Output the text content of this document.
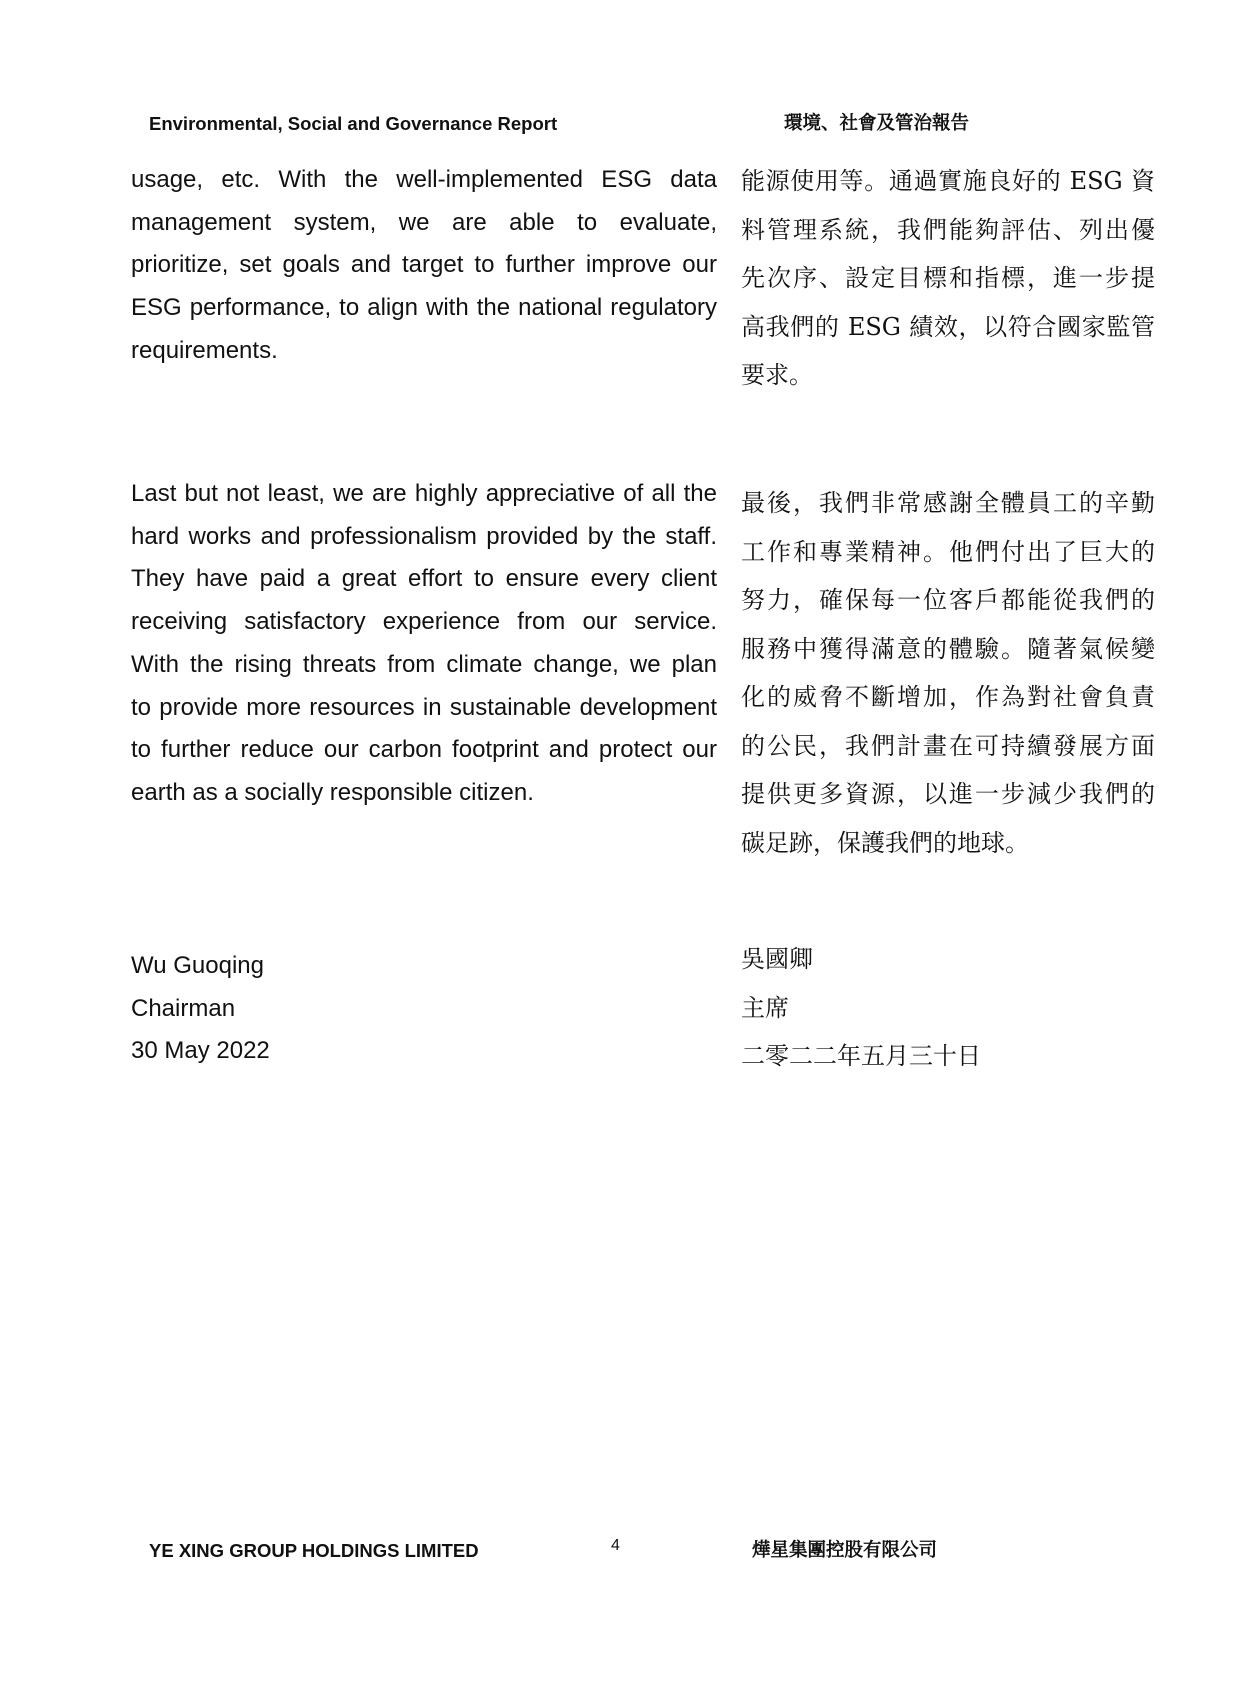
Environmental, Social and Governance Report	環境、社會及管治報告
usage, etc. With the well-implemented ESG data
management system, we are able to evaluate,
prioritize, set goals and target to further improve our
ESG performance, to align with the national regulatory
requirements.
能源使用等。通過實施良好的 ESG 資
料管理系統，我們能夠評估、列出優
先次序、設定目標和指標，進一步提
高我們的 ESG 績效，以符合國家監管
要求。
Last but not least, we are highly appreciative of all the
hard works and professionalism provided by the staff.
They have paid a great effort to ensure every client
receiving satisfactory experience from our service.
With the rising threats from climate change, we plan
to provide more resources in sustainable development
to further reduce our carbon footprint and protect our
earth as a socially responsible citizen.
最後，我們非常感謝全體員工的辛勤
工作和專業精神。他們付出了巨大的
努力，確保每一位客戶都能從我們的
服務中獲得滿意的體驗。隨著氣候變
化的威脅不斷增加，作為對社會負責
的公民，我們計畫在可持續發展方面
提供更多資源，以進一步減少我們的
碳足跡，保護我們的地球。
Wu Guoqing
Chairman
30 May 2022
吳國卿
主席
二零二二年五月三十日
YE XING GROUP HOLDINGS LIMITED	4	燁星集團控股有限公司
